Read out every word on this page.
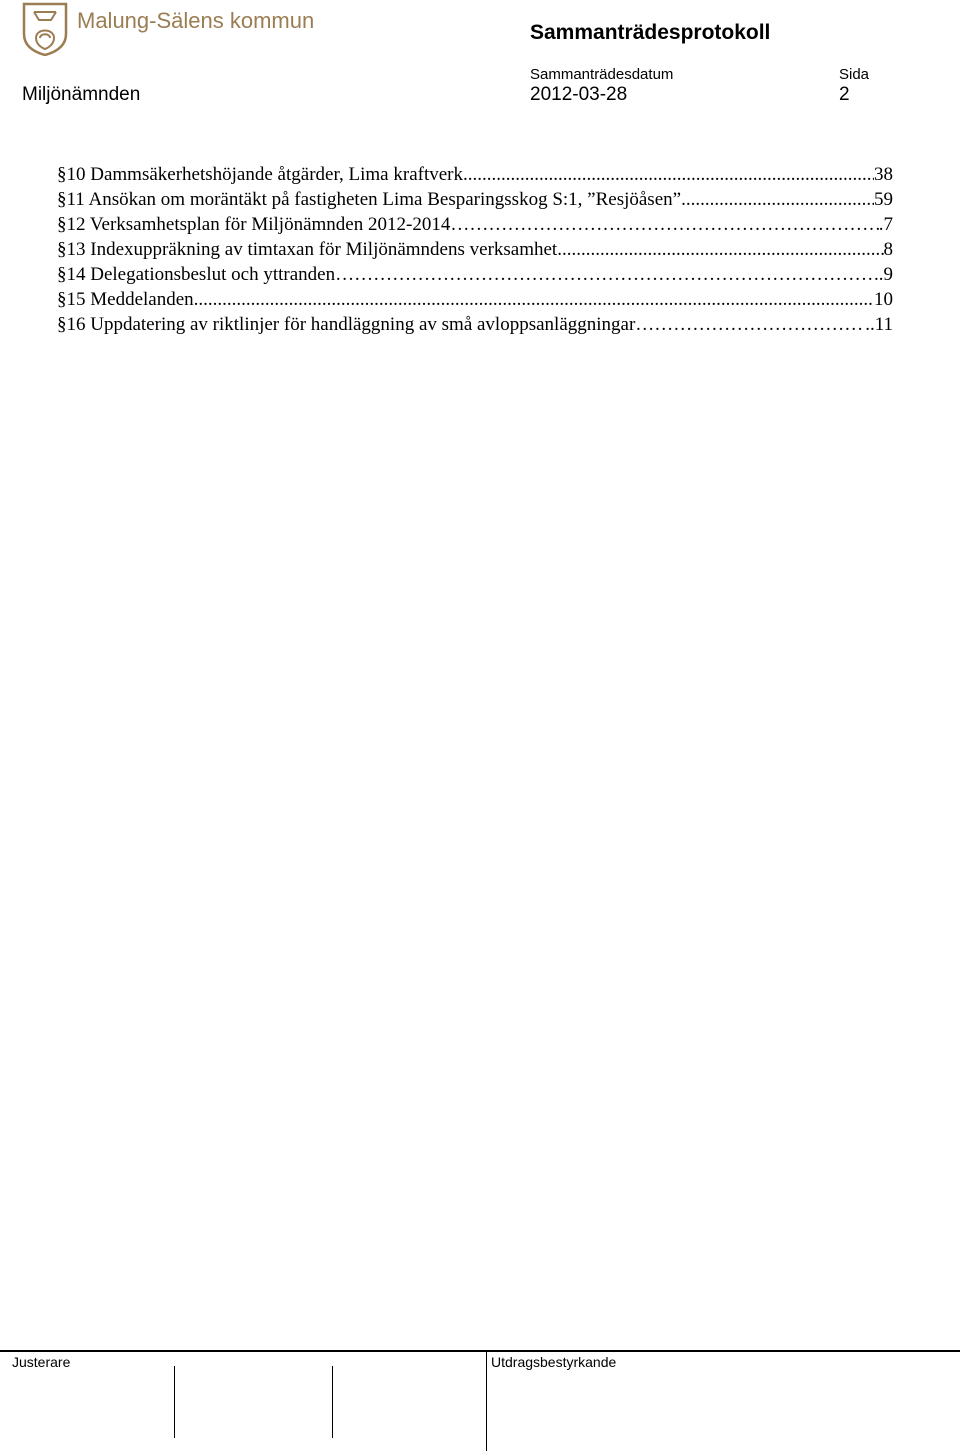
Malung-Sälens kommun	Sammanträdesprotokoll
Sammanträdesdatum	Sida
Miljönämnden	2012-03-28	2
§10 Dammsäkerhetshöjande åtgärder, Lima kraftverk .....	38
§11 Ansökan om moräntäkt på fastigheten Lima Besparingsskog S:1, ”Resjöåsen” .....	59
§12 Verksamhetsplan för Miljönämnden 2012-2014 ………………………………………………………………………………………………………………………………………………………………………………………………	.7
§13 Indexuppräkning av timtaxan för Miljönämndens verksamhet .....	8
§14 Delegationsbeslut och yttranden ………………………………………………………………………………………………………………………………………………………………………………………………	..9
§15 Meddelanden .....	10
§16 Uppdatering av riktlinjer för handläggning av små avloppsanläggningar ………………………………………………………………………………………………………………………………………………………………………………………………	..11
Justerare	Utdragsbestyrkande
